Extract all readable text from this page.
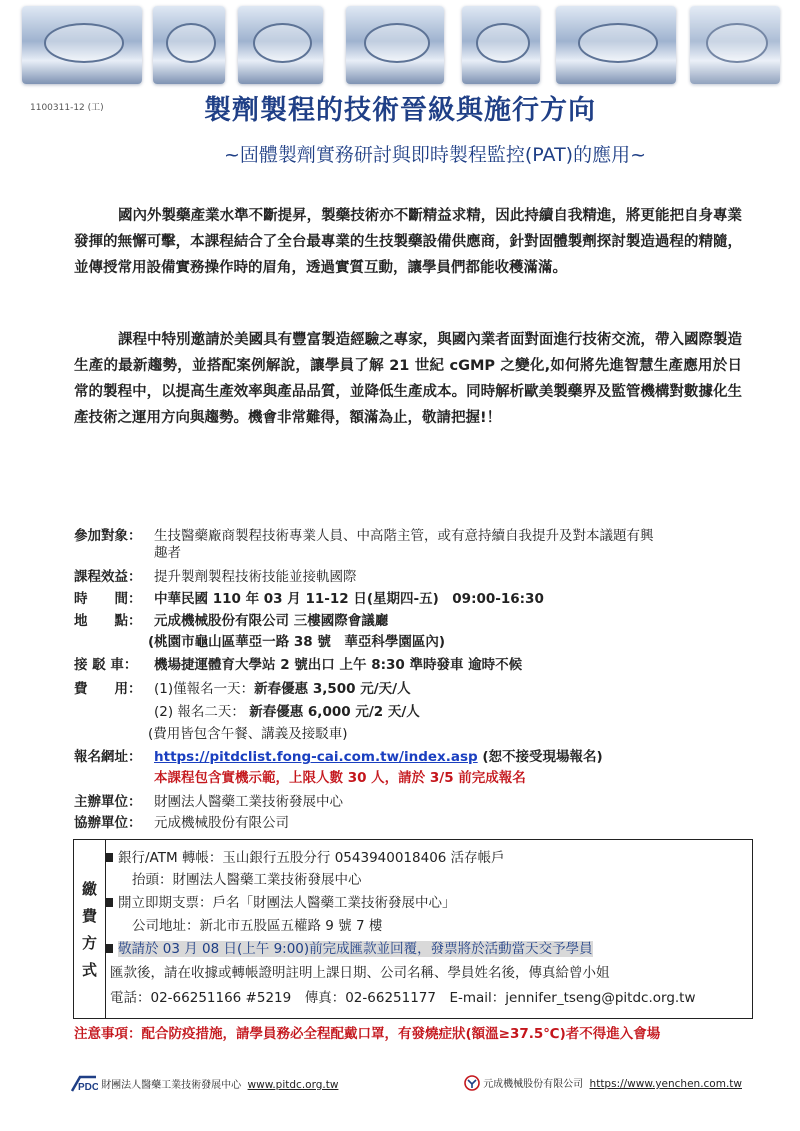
1100311-12 (工)	製劑製程的技術晉級與施行方向
~固體製劑實務研討與即時製程監控(PAT)的應用~
國內外製藥產業水準不斷提昇，製藥技術亦不斷精益求精，因此持續自我精進，將更能把自身專業發揮的無懈可擊，本課程結合了全台最專業的生技製藥設備供應商，針對固體製劑探討製造過程的精隨，並傳授常用設備實務操作時的眉角，透過實質互動，讓學員們都能收穫滿滿。
課程中特別邀請於美國具有豐富製造經驗之專家，與國內業者面對面進行技術交流，帶入國際製造生產的最新趨勢，並搭配案例解說，讓學員了解 21 世紀 cGMP 之變化,如何將先進智慧生產應用於日常的製程中，以提高生產效率與產品品質，並降低生產成本。同時解析歐美製藥界及監管機構對數據化生產技術之運用方向與趨勢。機會非常難得，額滿為止，敬請把握!！
參加對象： 生技醫藥廠商製程技術專業人員、中高階主管，或有意持續自我提升及對本議題有興
趣者
課程效益： 提升製劑製程技術技能並接軌國際
時　　間： 中華民國 110 年 03 月 11-12 日(星期四-五)　09:00-16:30
地　　點： 元成機械股份有限公司 三樓國際會議廳
(桃園市龜山區華亞一路 38 號　華亞科學園區內)
接 駁 車： 機場捷運體育大學站 2 號出口 上午 8:30 準時發車 逾時不候
費　　用： (1)僅報名一天：新春優惠 3,500 元/天/人
(2) 報名二天： 新春優惠 6,000 元/2 天/人
(費用皆包含午餐、講義及接駁車)
報名網址： https://pitdclist.fong-cai.com.tw/index.asp (恕不接受現場報名)
本課程包含實機示範，上限人數 30 人，請於 3/5 前完成報名
主辦單位： 財團法人醫藥工業技術發展中心
協辦單位： 元成機械股份有限公司
繳
費
方
式
銀行/ATM 轉帳：玉山銀行五股分行 0543940018406 活存帳戶
抬頭：財團法人醫藥工業技術發展中心
開立即期支票：戶名「財團法人醫藥工業技術發展中心」
公司地址：新北市五股區五權路 9 號 7 樓
敬請於 03 月 08 日(上午 9:00)前完成匯款並回覆，發票將於活動當天交予學員
匯款後，請在收據或轉帳證明註明上課日期、公司名稱、學員姓名後，傳真給曾小姐
電話：02-66251166 #5219　傳真：02-66251177　E-mail：jennifer_tseng@pitdc.org.tw
注意事項：配合防疫措施，請學員務必全程配戴口罩，有發燒症狀(額溫≥37.5℃)者不得進入會場
PDC 財團法人醫藥工業技術發展中心 www.pitdc.org.tw	元成機械股份有限公司 https://www.yenchen.com.tw
